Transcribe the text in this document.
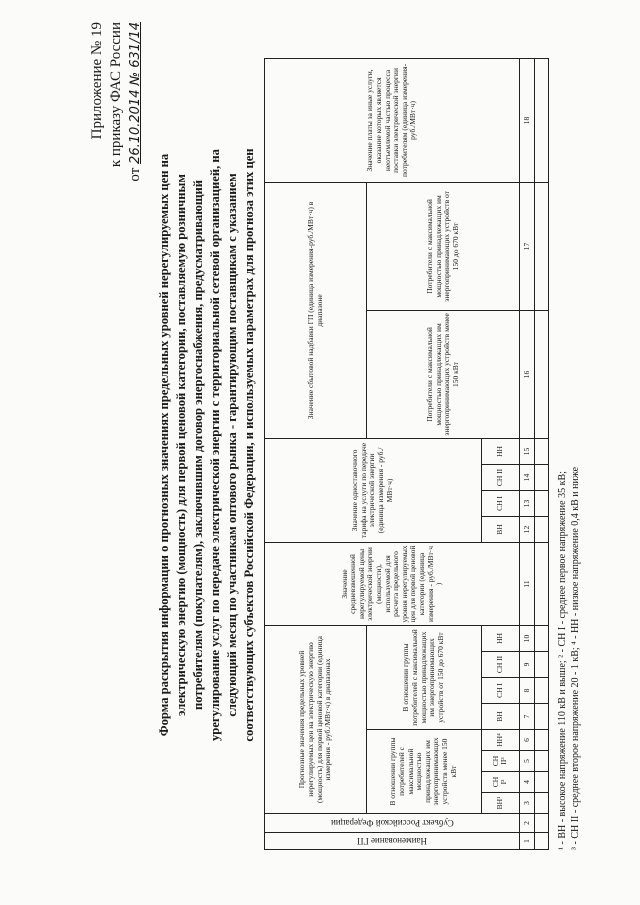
Приложение № 19 к приказу ФАС России
от 26.10.2014 № 631/14
Форма раскрытия информации о прогнозных значениях предельных уровней нерегулируемых цен на электрическую энергию (мощность) для первой ценовой категории, поставляемую розничным потребителям (покупателям), заключившим договор энергоснабжения, предусматривающий урегулирование услуг по передаче электрической энергии с территориальной сетевой организацией, на следующий месяц по участникам оптового рынка - гарантирующим поставщикам с указанием соответствующих субъектов Российской Федерации, и используемых параметрах для прогноза этих цен
Наименование ГП	Субъект Российской Федерации	Прогнозные значения предельных уровней нерегулируемых цен на электрическую энергию (мощность) для первой ценовой категории (единица измерения - руб./МВт·ч) в диапазонах								Значение средневзвешенной нерегулируемой цены электрической энергии (мощности), используемой для расчета предельного уровня нерегулируемых цен для первой ценовой категории (единица измерения - руб./МВт·ч )	Значение одноставочного тарифа на услуги по передаче электрической энергии (единица измерения - руб./МВт·ч)				Значение сбытовой надбавки ГП (единица измерения-руб./МВт·ч) в диапазоне		Значение платы за иные услуги, оказание которых является неотъемлемой частью процесса поставки электрической энергии потребителям (единица измерения- руб./МВт·ч)
		В отношении группы потребителей с максимальной мощностью принадлежащих им энергопринимающих устройств менее 150 кВт				В отношении группы потребителей с максимальной мощностью принадлежащих им энергопринимающих устройств от 150 до 670 кВт									Потребители с максимальной мощностью принадлежащих им энергопринимающих устройств менее 150 кВт	Потребители с максимальной мощностью принадлежащих им энергопринимающих устройств от 150 до 670 кВт	
		ВН¹	СН I²	СН II³	НН⁴	ВН	СН I	СН II	НН		ВН	СН I	СН II	НН			
1	2	3	4	5	6	7	8	9	10	11	12	13	14	15	16	17	18

¹ - ВН - высокое напряжение 110 кВ и выше; ² - СН I - среднее первое напряжение 35 кВ; ³ - СН II - среднее второе напряжение 20 - 1 кВ; ⁴ - НН - низкое напряжение 0,4 кВ и ниже
